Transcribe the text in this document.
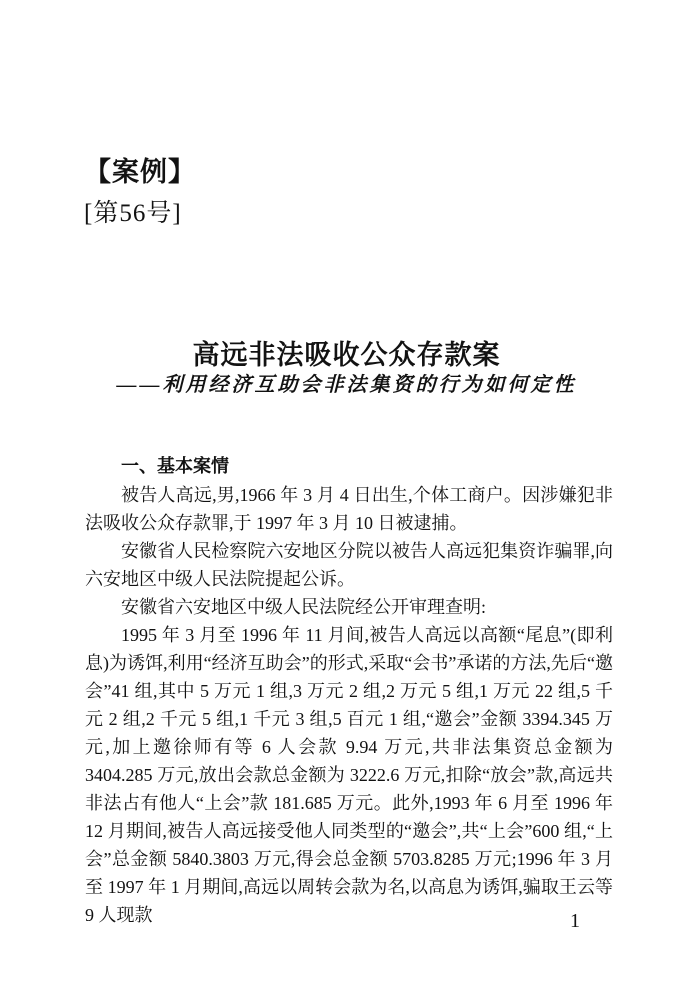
【案例】
[第56号]
高远非法吸收公众存款案
——利用经济互助会非法集资的行为如何定性
一、基本案情

被告人高远,男,1966 年 3 月 4 日出生,个体工商户。因涉嫌犯非法吸收公众存款罪,于 1997 年 3 月 10 日被逮捕。

安徽省人民检察院六安地区分院以被告人高远犯集资诈骗罪,向六安地区中级人民法院提起公诉。

安徽省六安地区中级人民法院经公开审理查明:

1995 年 3 月至 1996 年 11 月间,被告人高远以高额“尾息”(即利息)为诱饵,利用“经济互助会”的形式,采取“会书”承诺的方法,先后“邀会”41 组,其中 5 万元 1 组,3 万元 2 组,2 万元 5 组,1 万元 22 组,5 千元 2 组,2 千元 5 组,1 千元 3 组,5 百元 1 组,“邀会”金额 3394.345 万元,加上邀徐师有等 6 人会款 9.94 万元,共非法集资总金额为 3404.285 万元,放出会款总金额为 3222.6 万元,扣除“放会”款,高远共非法占有他人“上会”款 181.685 万元。此外,1993 年 6 月至 1996 年 12 月期间,被告人高远接受他人同类型的“邀会”,共“上会”600 组,“上会”总金额 5840.3803 万元,得会总金额 5703.8285 万元;1996 年 3 月至 1997 年 1 月期间,高远以周转会款为名,以高息为诱饵,骗取王云等 9 人现款	1
